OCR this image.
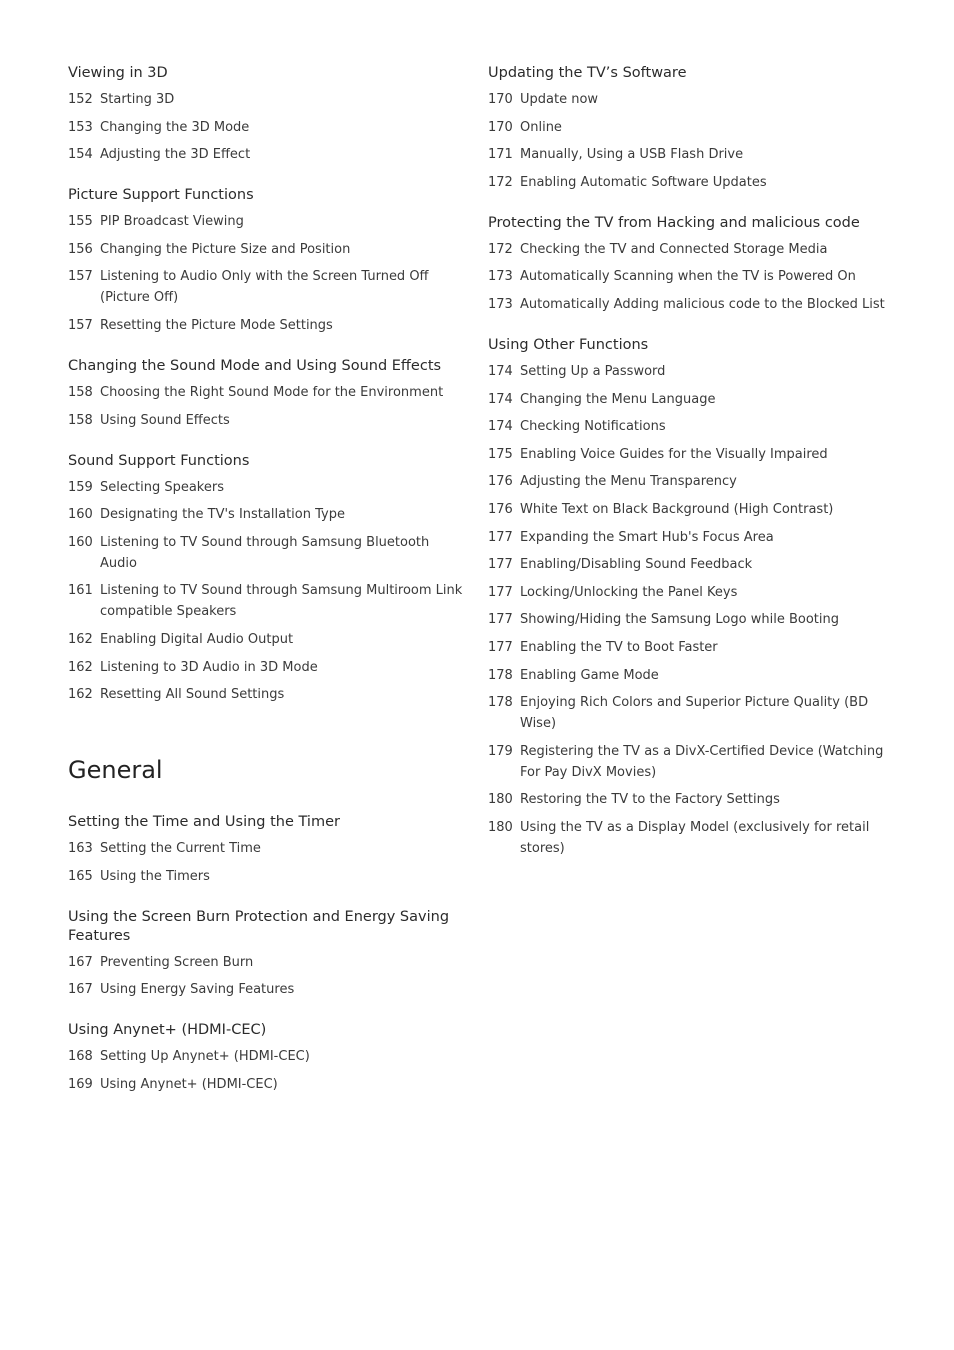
Viewing in 3D
152 Starting 3D
153 Changing the 3D Mode
154 Adjusting the 3D Effect
Picture Support Functions
155 PIP Broadcast Viewing
156 Changing the Picture Size and Position
157 Listening to Audio Only with the Screen Turned Off (Picture Off)
157 Resetting the Picture Mode Settings
Changing the Sound Mode and Using Sound Effects
158 Choosing the Right Sound Mode for the Environment
158 Using Sound Effects
Sound Support Functions
159 Selecting Speakers
160 Designating the TV's Installation Type
160 Listening to TV Sound through Samsung Bluetooth Audio
161 Listening to TV Sound through Samsung Multiroom Link compatible Speakers
162 Enabling Digital Audio Output
162 Listening to 3D Audio in 3D Mode
162 Resetting All Sound Settings
General
Setting the Time and Using the Timer
163 Setting the Current Time
165 Using the Timers
Using the Screen Burn Protection and Energy Saving Features
167 Preventing Screen Burn
167 Using Energy Saving Features
Using Anynet+ (HDMI-CEC)
168 Setting Up Anynet+ (HDMI-CEC)
169 Using Anynet+ (HDMI-CEC)
Updating the TV’s Software
170 Update now
170 Online
171 Manually, Using a USB Flash Drive
172 Enabling Automatic Software Updates
Protecting the TV from Hacking and malicious code
172 Checking the TV and Connected Storage Media
173 Automatically Scanning when the TV is Powered On
173 Automatically Adding malicious code to the Blocked List
Using Other Functions
174 Setting Up a Password
174 Changing the Menu Language
174 Checking Notifications
175 Enabling Voice Guides for the Visually Impaired
176 Adjusting the Menu Transparency
176 White Text on Black Background (High Contrast)
177 Expanding the Smart Hub's Focus Area
177 Enabling/Disabling Sound Feedback
177 Locking/Unlocking the Panel Keys
177 Showing/Hiding the Samsung Logo while Booting
177 Enabling the TV to Boot Faster
178 Enabling Game Mode
178 Enjoying Rich Colors and Superior Picture Quality (BD Wise)
179 Registering the TV as a DivX-Certified Device (Watching For Pay DivX Movies)
180 Restoring the TV to the Factory Settings
180 Using the TV as a Display Model (exclusively for retail stores)
